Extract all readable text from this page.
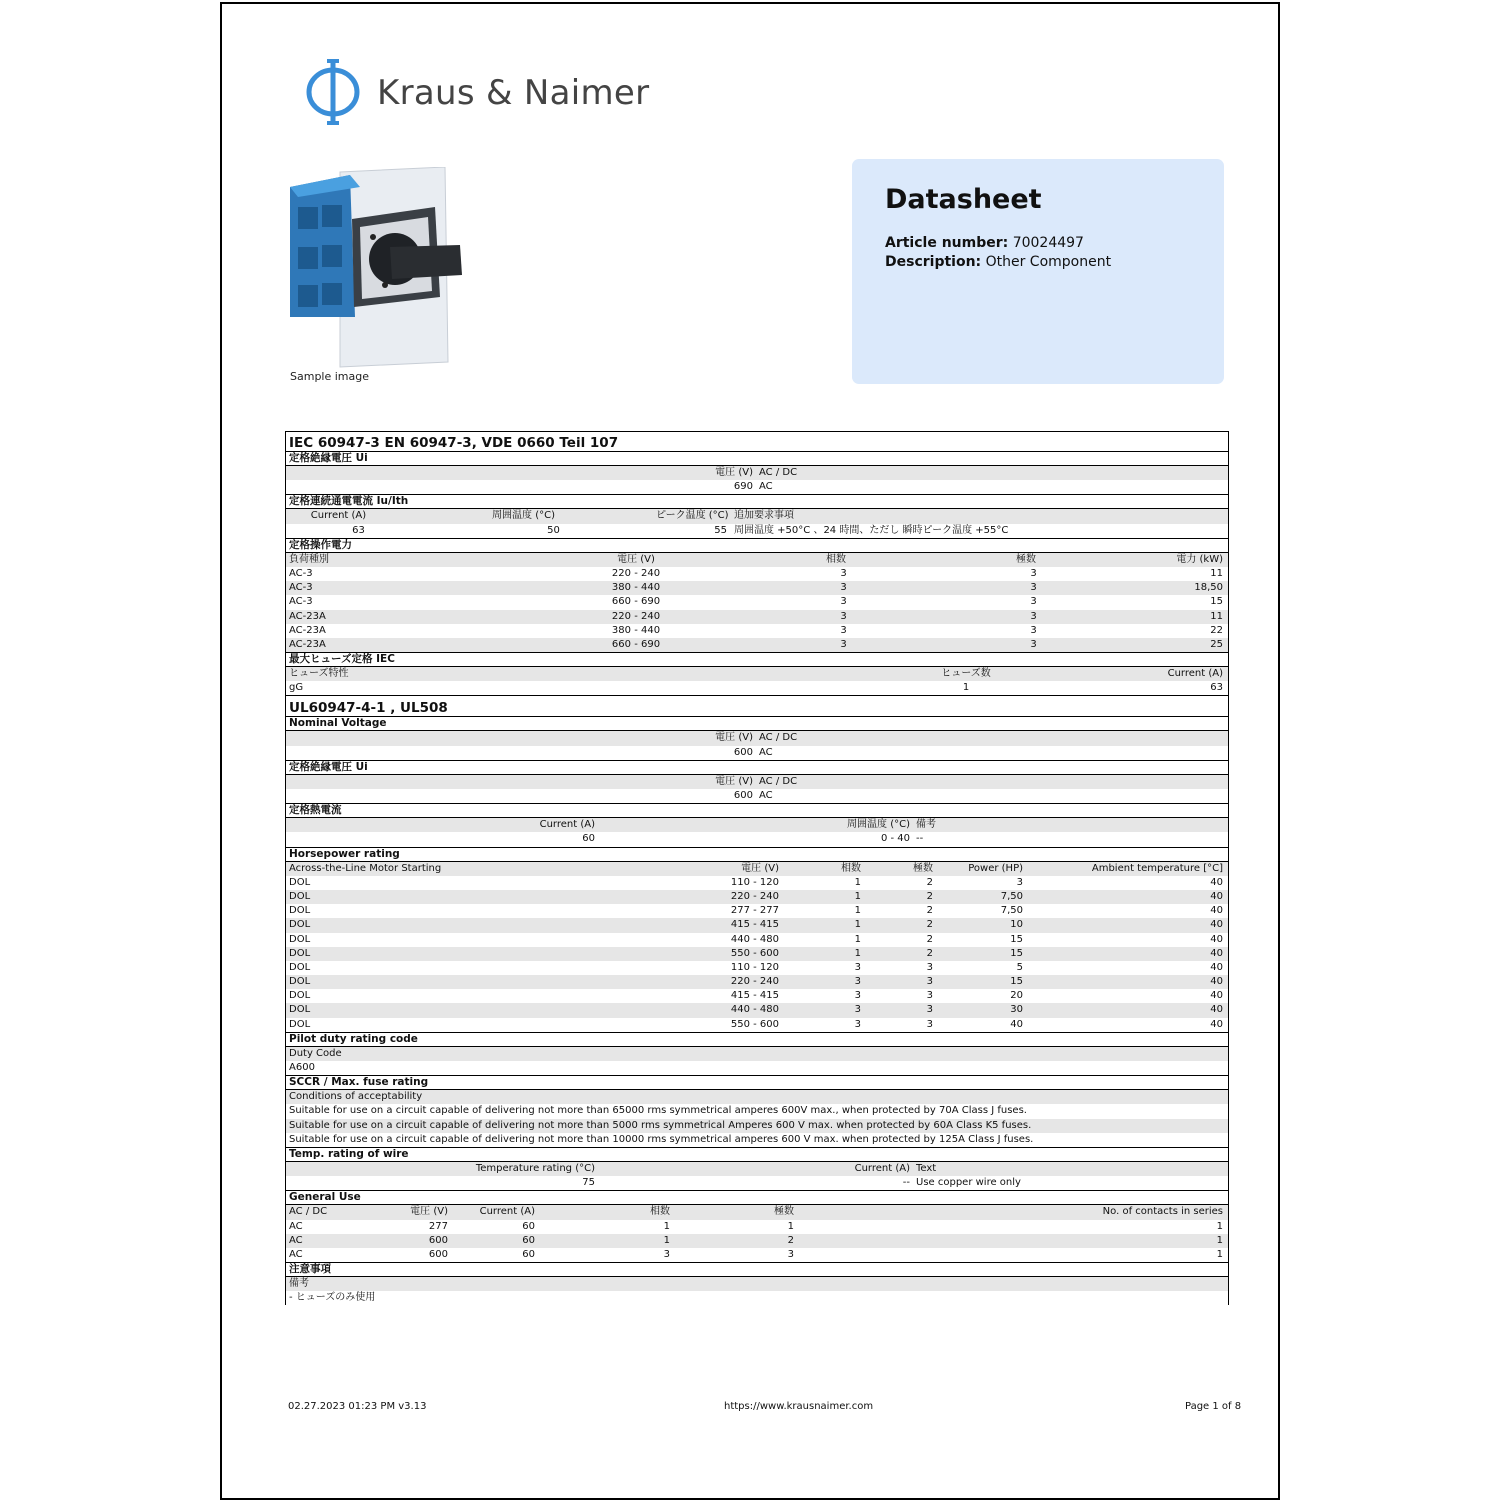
Kraus & Naimer
Sample image
Datasheet
Article number: 70024497
Description: Other Component
IEC 60947-3 EN 60947-3, VDE 0660 Teil 107
定格絶縁電圧 Ui
電圧 (V) AC / DC
690 AC
定格連続通電電流 Iu/Ith
Current (A)	周囲温度 (°C)	ピーク温度 (°C) 追加要求事項
63	50	55 周囲温度 +50°C 、24 時間、ただし 瞬時ピーク温度 +55°C
定格操作電力
負荷種別	電圧 (V)	相数	極数	電力 (kW)
AC-3	220 - 240	3	3	11
AC-3	380 - 440	3	3	18,50
AC-3	660 - 690	3	3	15
AC-23A	220 - 240	3	3	11
AC-23A	380 - 440	3	3	22
AC-23A	660 - 690	3	3	25
最大ヒューズ定格 IEC
ヒューズ特性	ヒューズ数	Current (A)
gG	1	63
UL60947-4-1 , UL508
Nominal Voltage
電圧 (V) AC / DC
600 AC
定格絶縁電圧 Ui
電圧 (V) AC / DC
600 AC
定格熱電流
Current (A)	周囲温度 (°C) 備考
60	0 - 40 --
Horsepower rating
Across-the-Line Motor Starting	電圧 (V)	相数	極数	Power (HP)	Ambient temperature [°C]
DOL	110 - 120	1	2	3	40
DOL	220 - 240	1	2	7,50	40
DOL	277 - 277	1	2	7,50	40
DOL	415 - 415	1	2	10	40
DOL	440 - 480	1	2	15	40
DOL	550 - 600	1	2	15	40
DOL	110 - 120	3	3	5	40
DOL	220 - 240	3	3	15	40
DOL	415 - 415	3	3	20	40
DOL	440 - 480	3	3	30	40
DOL	550 - 600	3	3	40	40
Pilot duty rating code
Duty Code
A600
SCCR / Max. fuse rating
Conditions of acceptability
Suitable for use on a circuit capable of delivering not more than 65000 rms symmetrical amperes 600V max., when protected by 70A Class J fuses.
Suitable for use on a circuit capable of delivering not more than 5000 rms symmetrical Amperes 600 V max. when protected by 60A Class K5 fuses.
Suitable for use on a circuit capable of delivering not more than 10000 rms symmetrical amperes 600 V max. when protected by 125A Class J fuses.
Temp. rating of wire
Temperature rating (°C)	Current (A) Text
75	-- Use copper wire only
General Use
AC / DC	電圧 (V)	Current (A)	相数	極数	No. of contacts in series
AC	277	60	1	1	1
AC	600	60	1	2	1
AC	600	60	3	3	1
注意事項
備考
- ヒューズのみ使用
02.27.2023 01:23 PM v3.13	https://www.krausnaimer.com	Page 1 of 8
